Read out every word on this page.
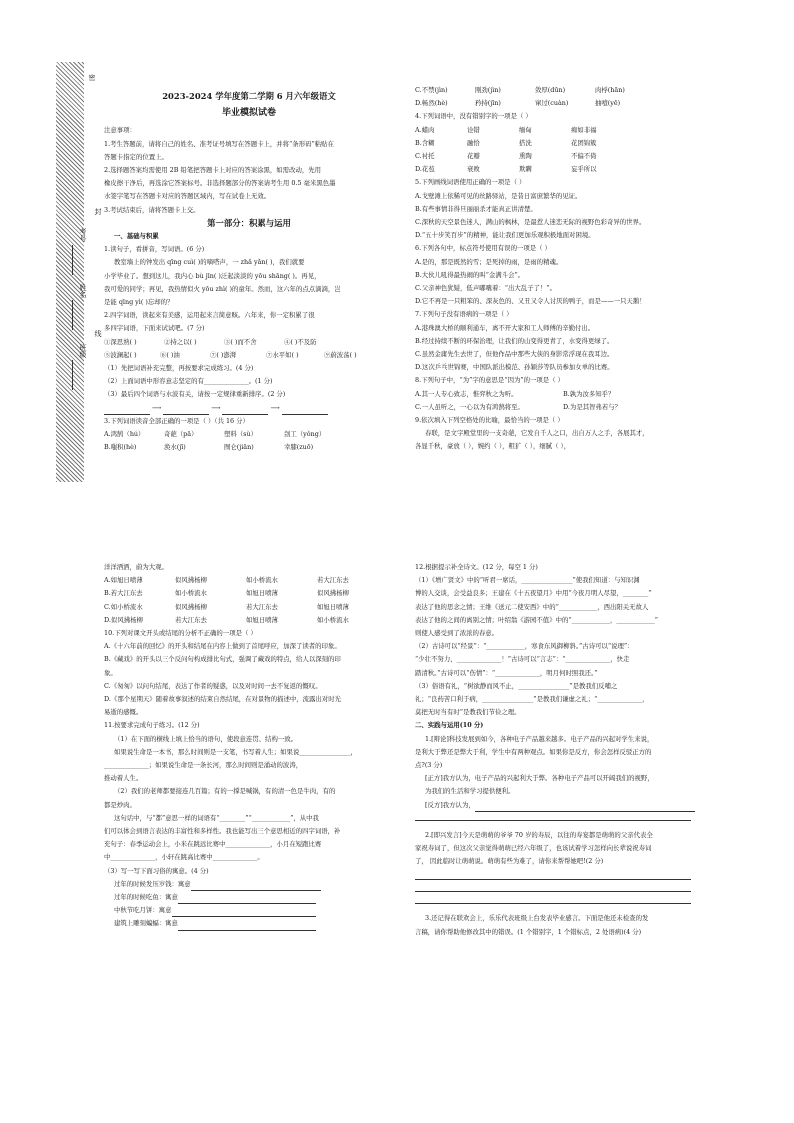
密
封
线
考号
姓名
班级

2023-2024 学年度第二学期 6 月六年级语文

毕业模拟试卷

注意事项：

1.考生答题前，请将自己的姓名、准考证号填写在答题卡上，并将“条形码”粘贴在

答题卡指定的位置上。

2.选择题答案均需使用 2B 铅笔把答题卡上对应的答案涂黑，如需改动，先用

橡皮擦干净后，再选涂它答案标号。非选择题部分的答案请考生用 0.5 毫米黑色墨

水签字笔写在答题卡对应的答题区域内，写在试卷上无效。

3.考试结束后，请将答题卡上交。

第一部分：积累与运用

一、基础与积累

1.读句子，看拼音，写词语。(6 分)

教室墙上的钟发出 qīng cuì( )的嘀嗒声，一 zhǎ yǎn( )，我们就要

小学毕业了。想到这儿，我内心 bù jīn( )泛起淡淡的 yōu shāng( )。再见，

我可爱的同学；再见，我热情似火 yōu zhì( )的童年。然而，这六年的点点滴滴，岂

是能 qīng yì( )忘却的？

2.四字词语，读起来有美感，运用起来言简意赅。六年来，你一定积累了很

多四字词语，下面来试试吧。(7 分)

①深思熟( )	②持之以( )	③( )而不舍	④( )不及防

⑤波澜起( )	⑥( )油	⑦( )澎湃	⑦水平如( )	⑨蔚波荡( )

（1）先把词语补充完整，再按要求完成练习。(4 分)

（2）上面词语中形容意志坚定的有______________。(1 分)

（3）最后四个词语与水波有关，请按一定规律重新排序。(2 分)

⟶	⟶	⟶

3.下列词语读音全部正确的一项是（ ）（共 16 分）

A.鸿鹄（hú）	奇葩（pā）	塑料（sù）	刽工（yǒng）

B.嗤积(hè)	涣水(jī)	囫仑(jiān)	幸膝(zuō)

C.不禁(jìn)	刚劲(jìn)	敛厚(dūn)	肉桴(hān)

D.畅然(hè)	矜持(jīn)	窜过(cuàn)	抽噎(yē)

4.下列词语中，没有错别字的一项是（ ）

A.蜡肉	诠错	缅甸	痴如非福

B.含糊	融恰	搭洗	花团锦簇

C.衬托	花瓣	熏陶	不偏不倚

D.花苞	衰败	欺瞒	妄乎所以

5.下列画线词语使用正确的一项是（ ）

A.戈壁滩上依稀可见的丝路驿站，是昔日富庶繁华的见证。

B.有些事情非得旦丽丽杀才能真正讲清楚。

C.深秋的天空景色迷人，满山的枫林，是最惹人迷恋无际的视野色彩奇异的世界。

D.“五十步笑百步”的精神，能让我们更加乐观积极地面对困境。

6.下列各句中，标点符号使用有误的一项是（ ）

A.是的，那是既然的雪；是死掉的雨，是雨的精魂。

B.大伙儿吼得最热闹的叫“金满斗会”。

C.父亲神色犹疑，低声嘟囔着：“出大乱子了！”。

D.它不再是一只粗笨的、深灰色的、又丑又令人讨厌的鸭子，而是——一只天鹅！

7.下列句子没有语病的一项是（ ）

A.港珠澳大桥的顺利通车，离不开大家和工人师傅的辛勤付出。

B.经过持续不断的环保治理，让我们的山变得更青了，水变得更绿了。

C.虽然金庸先生去世了，但他作品中那些大侠的身影常浮现在我耳边。

D.这次乒乓世锦赛，中国队派出模范、孙颖莎等队员参加女单的比赛。

8.下列句子中，“为”字的意思是“因为”的一项是（ ）

A.其一人专心致志，惟弈秋之为听。	B.孰为汝多知乎？

C.一人虽听之，一心以为有鸿鹄将至。	D.为是其智弗若与？

9.依次填入下列空格处的比喻，最恰当的一项是（ ）

春联，是文字殿堂里的一支奇葩，它发自千人之口，出自万人之手，各展其才，

各显千秋，豪放（ ），婉约（ ），粗犷（ ），细腻（ ），

洋洋洒洒，蔚为大观。

A.如旭日喷薄	似风拂杨柳	如小桥流水	若大江东去

B.若大江东去	如小桥流水	如旭日喷薄	似风拂杨柳

C.如小桥流水	似风拂杨柳	若大江东去	如旭日喷薄

D.似风拂杨柳	若大江东去	如旭日喷薄	如小桥流水

10.下列对课文开头或结尾的分析不正确的一项是（ ）

A.《十六年前的回忆》的开头和结尾在内容上做到了首尾呼应，加深了读者的印象。

B.《藏戏》的开头以三个反问句构成排比句式，强调了藏戏的特点，给人以深刻的印

象。

C.《匆匆》以问句结尾，表达了作者的疑惑，以及对时间一去不复返的慨叹。

D.《那个星期天》随着故事叙述的结束自然结尾，在对景物的描述中，流露出对时光

易逝的感慨。

11.按要求完成句子练习。(12 分)

（1）在下面的横线上填上恰当的语句，使段意连贯、结构一致。

如果说生命是一本书，那么时间则是一支笔，书写着人生；如果说________________，

______________；如果说生命是一条长河，那么时间则是涌动的波涛，

推动着人生。

（2）我们的老师都要接连几百篇；有的一撑是喊锅，有的清一色是牛肉，有的

都是炒肉。

这句话中，与“都”意思一样的词语有“________”“____________”，从中我

们可以体会到语言表达的丰富性和多样性。我也能写出三个意思相近的四字词语，补

充句子：春季运动会上，小米在跳远比赛中______________，小月在短跑比赛

中______________，小轩在跳高比赛中______________。

（3）写一写下面习俗的寓意。(4 分)

过年的时候发压岁钱：寓意

过年的时候吃鱼：寓意

中秋节吃月饼：寓意

建筑上雕刻蝙蝠：寓意

12.根据提示补全诗文。(12 分，每空 1 分)

（1）《增广贤文》中的“听君一席话，________________”使我们知道：与知识渊

博的人交谈，会受益良多；王建在《十五夜望月》中用“今夜月明人尽望，________”

表达了他的思念之情；王维《送元二使安西》中的“____________，西出阳关无故人

表达了他的之间的离别之情；叶绍翁《游园不值》中的“____________，____________”

则使人感受到了浓浓的春意。

（2）古诗可以“经景”：“____________，寒食东风御柳斜。”古诗可以“说理”：

“少壮不努力，______________！”古诗可以“言志”：“______________，快走

踏清秋。”古诗可以“伤情”：“______________，明月何时照我还。”

（3）俗语有礼，“树欲静而风不止，________________”是教我们反哺之

礼；“良药苦口利于病，________________”是教我们谦虚之礼；“______________，

莫把无时当有时”是教我们节俭之理。

二、实践与运用(10 分)

1.[辩论]科技发展到如今，各种电子产品越来越多。电子产品的兴起对学生来说，

是利大于弊还是弊大于利，学生中有两种观点。如果你是反方，你会怎样反驳正方的

点?(3 分)

[正方]我方认为，电子产品的兴起利大于弊。各种电子产品可以开阔我们的视野，

为我们的生活和学习提供便利。

[反方]我方认为，

2.[即兴发言]今天是萌萌的爷爷 70 岁的寿辰，以往的寿宴都是萌萌的父亲代表全

家祝寿词了，但这次父亲觉得萌萌已经六年级了，也该试着学习怎样向长辈说祝寿词

了， 因此临时让萌萌说。萌萌有些为难了，请你来帮帮她吧!(2 分)

3.还记得在联欢会上，乐乐代表班级上台发表毕业感言。下面是他还未检查的发

言稿，请你帮助他修改其中的错误。(1 个错别字，1 个错标点，2 处语病)(4 分)
